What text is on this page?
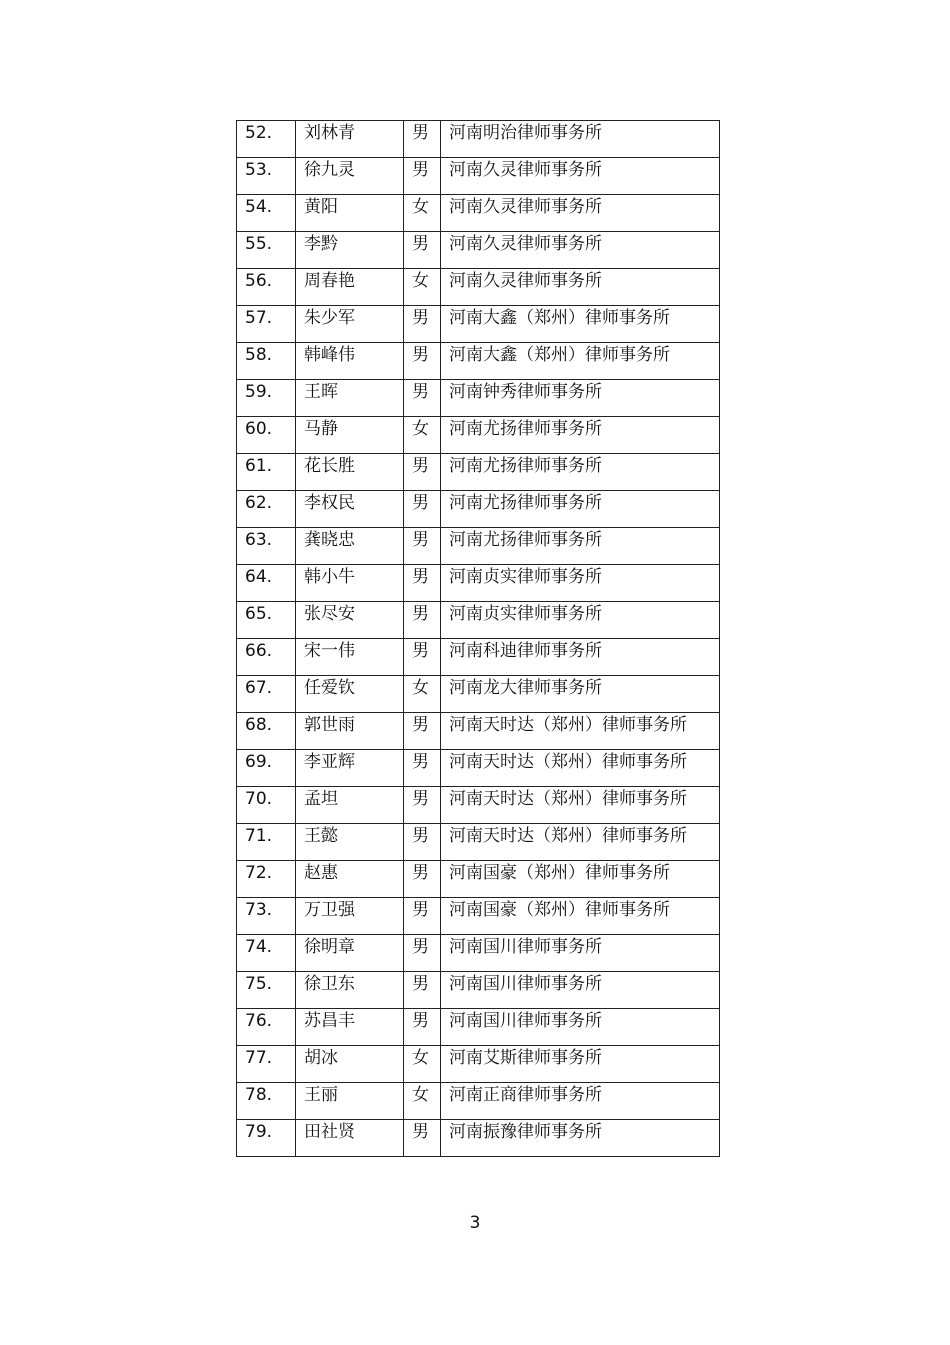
52.	刘林青	男	河南明治律师事务所

53.	徐九灵	男	河南久灵律师事务所

54.	黄阳	女	河南久灵律师事务所

55.	李黔	男	河南久灵律师事务所

56.	周春艳	女	河南久灵律师事务所

57.	朱少军	男	河南大鑫（郑州）律师事务所

58.	韩峰伟	男	河南大鑫（郑州）律师事务所

59.	王晖	男	河南钟秀律师事务所

60.	马静	女	河南尤扬律师事务所

61.	花长胜	男	河南尤扬律师事务所

62.	李权民	男	河南尤扬律师事务所

63.	龚晓忠	男	河南尤扬律师事务所

64.	韩小牛	男	河南贞实律师事务所

65.	张尽安	男	河南贞实律师事务所

66.	宋一伟	男	河南科迪律师事务所

67.	任爱钦	女	河南龙大律师事务所

68.	郭世雨	男	河南天时达（郑州）律师事务所

69.	李亚辉	男	河南天时达（郑州）律师事务所

70.	孟坦	男	河南天时达（郑州）律师事务所

71.	王懿	男	河南天时达（郑州）律师事务所

72.	赵惠	男	河南国豪（郑州）律师事务所

73.	万卫强	男	河南国豪（郑州）律师事务所

74.	徐明章	男	河南国川律师事务所

75.	徐卫东	男	河南国川律师事务所

76.	苏昌丰	男	河南国川律师事务所

77.	胡冰	女	河南艾斯律师事务所

78.	王丽	女	河南正商律师事务所

79.	田社贤	男	河南振豫律师事务所
3
